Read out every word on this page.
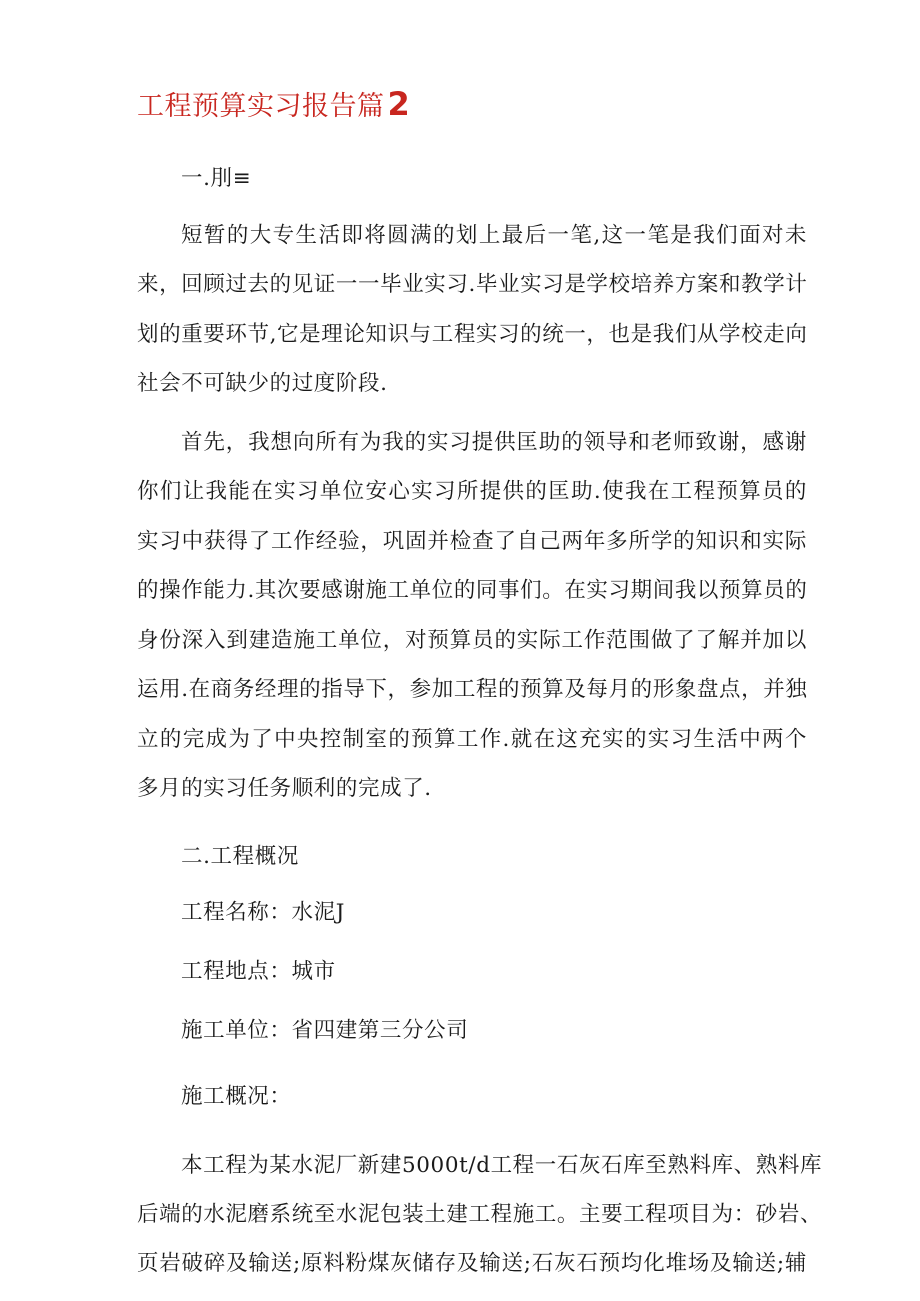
工程预算实习报告篇2
一.刖≡
短暂的大专生活即将圆满的划上最后一笔,这一笔是我们面对未
来，回顾过去的见证一一毕业实习.毕业实习是学校培养方案和教学计
划的重要环节,它是理论知识与工程实习的统一，也是我们从学校走向
社会不可缺少的过度阶段.
首先，我想向所有为我的实习提供匡助的领导和老师致谢，感谢
你们让我能在实习单位安心实习所提供的匡助.使我在工程预算员的
实习中获得了工作经验，巩固并检查了自己两年多所学的知识和实际
的操作能力.其次要感谢施工单位的同事们。在实习期间我以预算员的
身份深入到建造施工单位，对预算员的实际工作范围做了了解并加以
运用.在商务经理的指导下，参加工程的预算及每月的形象盘点，并独
立的完成为了中央控制室的预算工作.就在这充实的实习生活中两个
多月的实习任务顺利的完成了.
二.工程概况
工程名称：水泥J
工程地点：城市
施工单位：省四建第三分公司
施工概况：
本工程为某水泥厂新建5000t∕d工程一石灰石库至熟料库、熟料库
后端的水泥磨系统至水泥包装土建工程施工。主要工程项目为：砂岩、
页岩破碎及输送;原料粉煤灰储存及输送;石灰石预均化堆场及输送;辅
